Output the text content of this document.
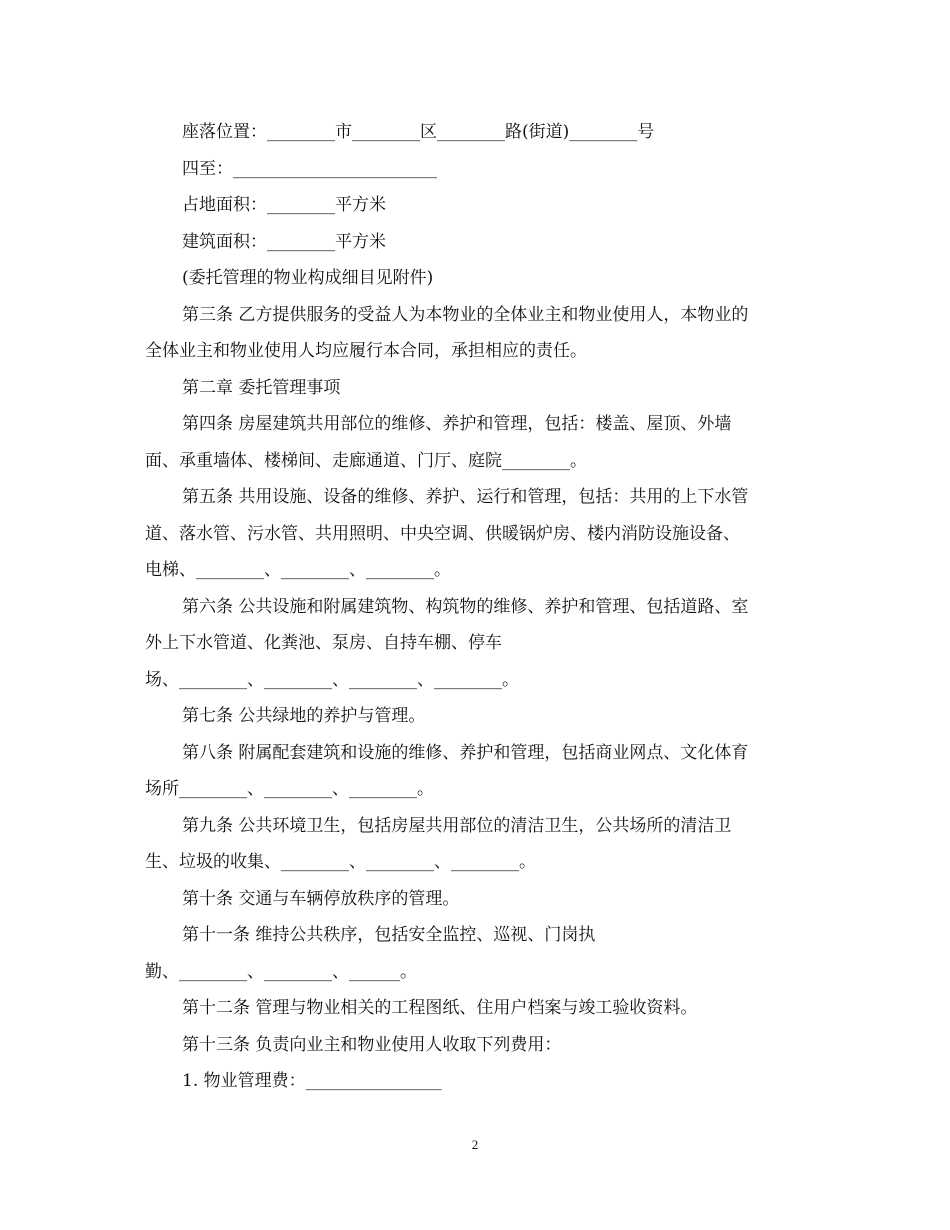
座落位置：________市________区________路(街道)________号

四至：________________________

占地面积：________平方米

建筑面积：________平方米

(委托管理的物业构成细目见附件)

第三条 乙方提供服务的受益人为本物业的全体业主和物业使用人，本物业的

全体业主和物业使用人均应履行本合同，承担相应的责任。

第二章 委托管理事项

第四条 房屋建筑共用部位的维修、养护和管理，包括：楼盖、屋顶、外墙

面、承重墙体、楼梯间、走廊通道、门厅、庭院________。

第五条 共用设施、设备的维修、养护、运行和管理，包括：共用的上下水管

道、落水管、污水管、共用照明、中央空调、供暖锅炉房、楼内消防设施设备、

电梯、________、________、________。

第六条 公共设施和附属建筑物、构筑物的维修、养护和管理、包括道路、室

外上下水管道、化粪池、泵房、自持车棚、停车

场、________、________、________、________。

第七条 公共绿地的养护与管理。

第八条 附属配套建筑和设施的维修、养护和管理，包括商业网点、文化体育

场所________、________、________。

第九条 公共环境卫生，包括房屋共用部位的清洁卫生，公共场所的清洁卫

生、垃圾的收集、________、________、________。

第十条 交通与车辆停放秩序的管理。

第十一条 维持公共秩序，包括安全监控、巡视、门岗执

勤、________、________、______。

第十二条 管理与物业相关的工程图纸、住用户档案与竣工验收资料。

第十三条 负责向业主和物业使用人收取下列费用：

1. 物业管理费：________________

2
